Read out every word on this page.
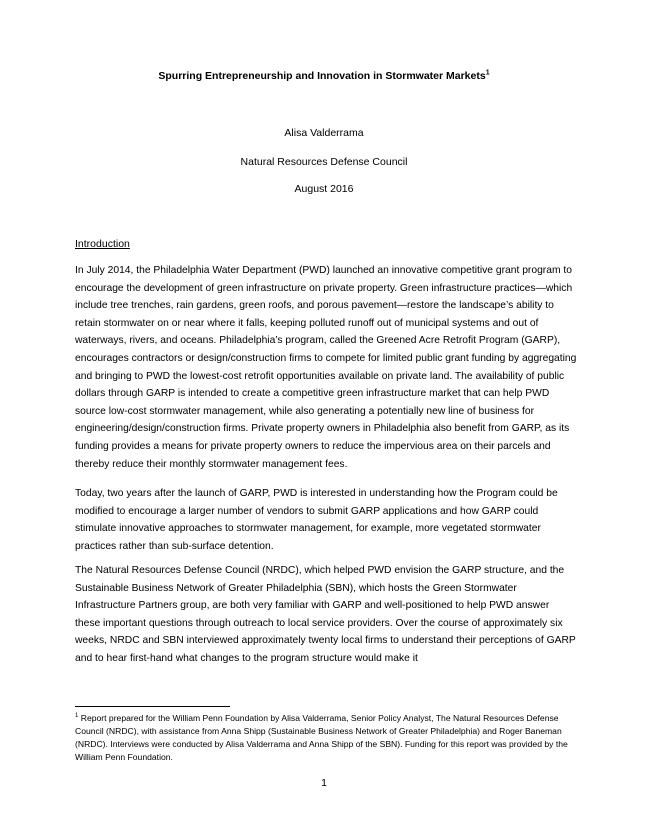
Spurring Entrepreneurship and Innovation in Stormwater Markets$^1$
Alisa Valderrama
Natural Resources Defense Council
August 2016
Introduction

In July 2014, the Philadelphia Water Department (PWD) launched an innovative competitive grant program to encourage the development of green infrastructure on private property. Green infrastructure practices—which include tree trenches, rain gardens, green roofs, and porous pavement—restore the landscape’s ability to retain stormwater on or near where it falls, keeping polluted runoff out of municipal systems and out of waterways, rivers, and oceans. Philadelphia’s program, called the Greened Acre Retrofit Program (GARP), encourages contractors or design/construction firms to compete for limited public grant funding by aggregating and bringing to PWD the lowest-cost retrofit opportunities available on private land. The availability of public dollars through GARP is intended to create a competitive green infrastructure market that can help PWD source low-cost stormwater management, while also generating a potentially new line of business for engineering/design/construction firms. Private property owners in Philadelphia also benefit from GARP, as its funding provides a means for private property owners to reduce the impervious area on their parcels and thereby reduce their monthly stormwater management fees.

Today, two years after the launch of GARP, PWD is interested in understanding how the Program could be modified to encourage a larger number of vendors to submit GARP applications and how GARP could stimulate innovative approaches to stormwater management, for example, more vegetated stormwater practices rather than sub-surface detention.

The Natural Resources Defense Council (NRDC), which helped PWD envision the GARP structure, and the Sustainable Business Network of Greater Philadelphia (SBN), which hosts the Green Stormwater Infrastructure Partners group, are both very familiar with GARP and well-positioned to help PWD answer these important questions through outreach to local service providers. Over the course of approximately six weeks, NRDC and SBN interviewed approximately twenty local firms to understand their perceptions of GARP and to hear first-hand what changes to the program structure would make it

$^1$ Report prepared for the William Penn Foundation by Alisa Valderrama, Senior Policy Analyst, The Natural Resources Defense Council (NRDC), with assistance from Anna Shipp (Sustainable Business Network of Greater Philadelphia) and Roger Baneman (NRDC). Interviews were conducted by Alisa Valderrama and Anna Shipp of the SBN). Funding for this report was provided by the William Penn Foundation.

1
